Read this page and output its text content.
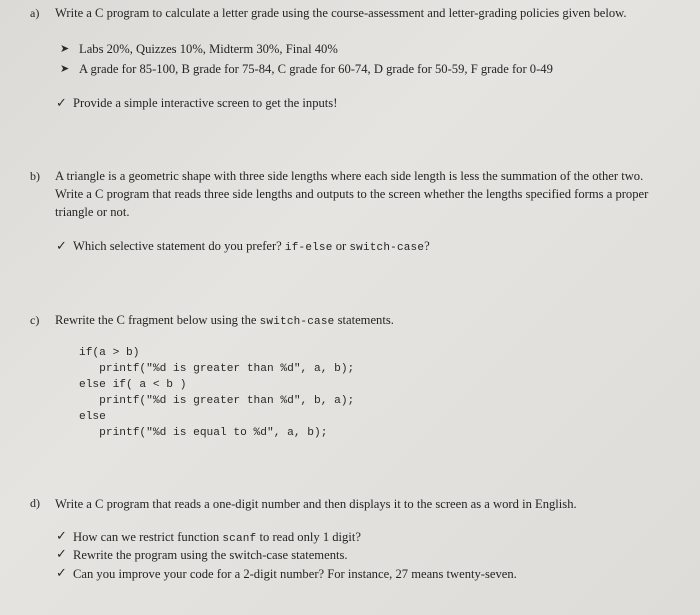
a) Write a C program to calculate a letter grade using the course-assessment and letter-grading policies given below.
➤ Labs 20%, Quizzes 10%, Midterm 30%, Final 40%
➤ A grade for 85-100, B grade for 75-84, C grade for 60-74, D grade for 50-59, F grade for 0-49
✓ Provide a simple interactive screen to get the inputs!
b) A triangle is a geometric shape with three side lengths where each side length is less the summation of the other two.
Write a C program that reads three side lengths and outputs to the screen whether the lengths specified forms a proper
triangle or not.
✓ Which selective statement do you prefer? if-else or switch-case?
c) Rewrite the C fragment below using the switch-case statements.
if(a > b)
printf("%d is greater than %d", a, b);
else if( a < b )
printf("%d is greater than %d", b, a);
else
printf("%d is equal to %d", a, b);
d) Write a C program that reads a one-digit number and then displays it to the screen as a word in English.
✓ How can we restrict function scanf to read only 1 digit?
✓ Rewrite the program using the switch-case statements.
✓ Can you improve your code for a 2-digit number? For instance, 27 means twenty-seven.
